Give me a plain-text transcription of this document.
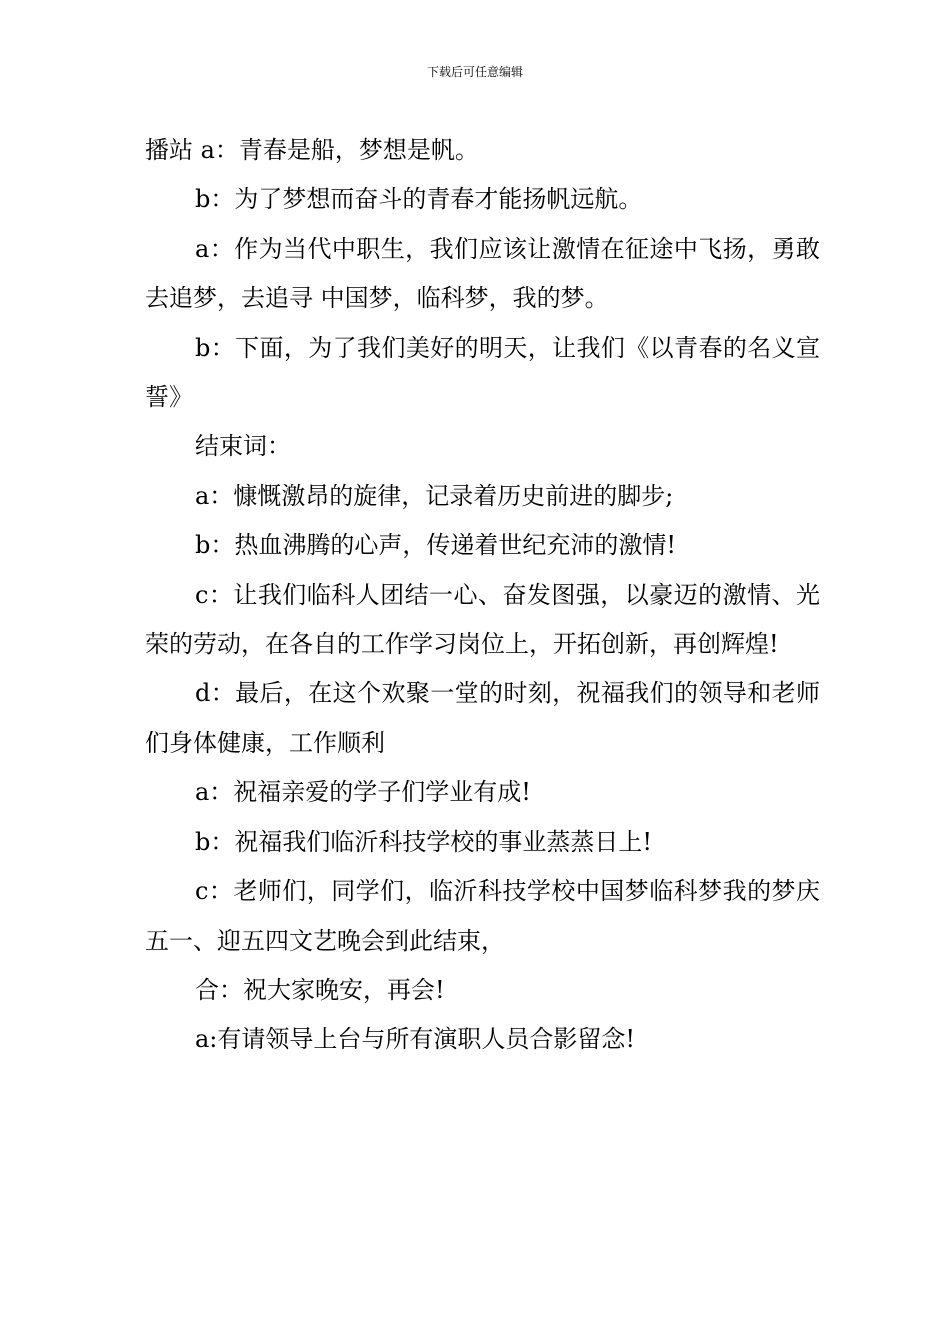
下载后可任意编辑

播站 a：青春是船，梦想是帆。

b：为了梦想而奋斗的青春才能扬帆远航。

a：作为当代中职生，我们应该让激情在征途中飞扬，勇敢去追梦，去追寻 中国梦，临科梦，我的梦。

b：下面，为了我们美好的明天，让我们《以青春的名义宣誓》

结束词：

a：慷慨激昂的旋律，记录着历史前进的脚步;

b：热血沸腾的心声，传递着世纪充沛的激情!

c：让我们临科人团结一心、奋发图强，以豪迈的激情、光荣的劳动，在各自的工作学习岗位上，开拓创新，再创辉煌!

d：最后，在这个欢聚一堂的时刻，祝福我们的领导和老师们身体健康，工作顺利

a：祝福亲爱的学子们学业有成!

b：祝福我们临沂科技学校的事业蒸蒸日上!

c：老师们，同学们，临沂科技学校中国梦临科梦我的梦庆五一、迎五四文艺晚会到此结束，

合：祝大家晚安，再会!

a:有请领导上台与所有演职人员合影留念!
